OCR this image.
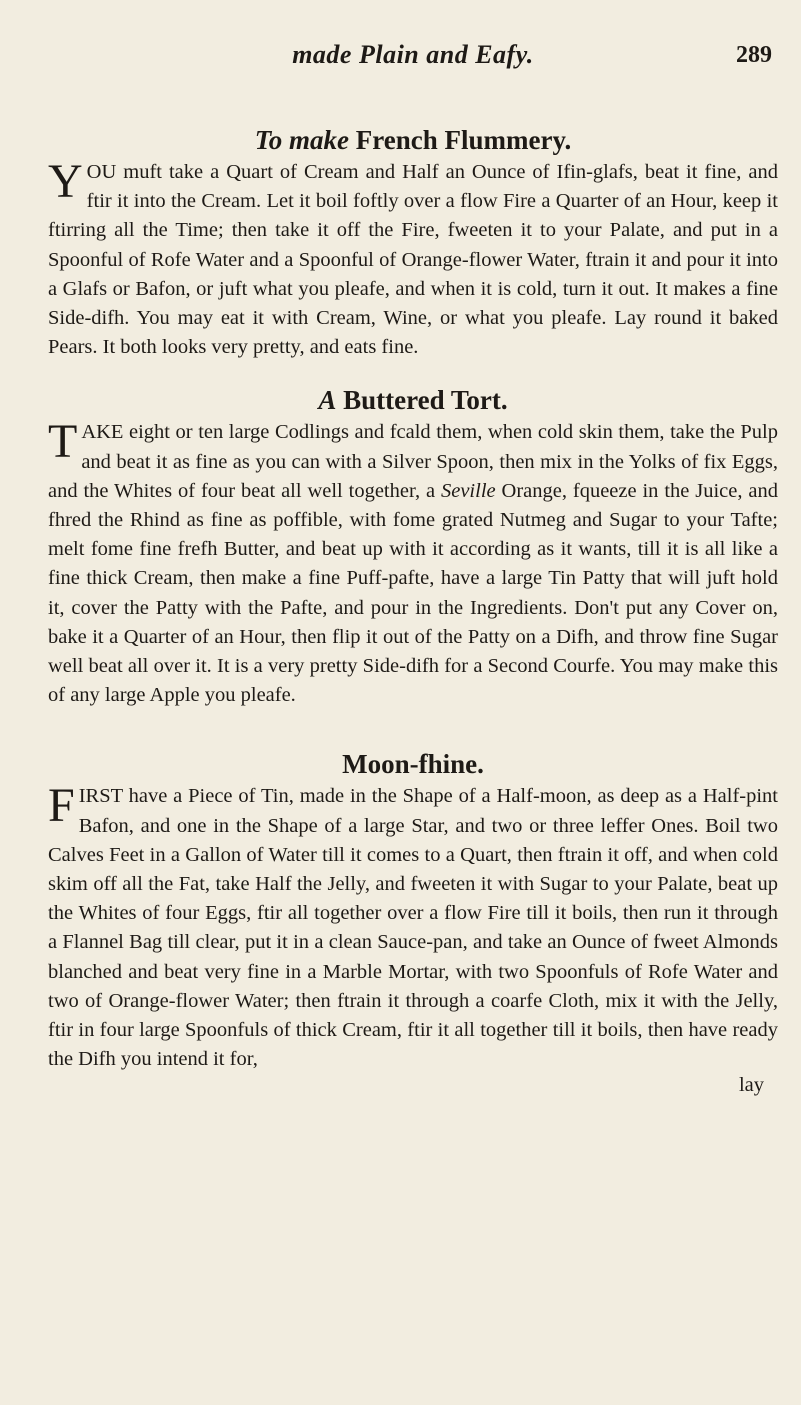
made Plain and Eafy.	289
To make French Flummery.

YOU muft take a Quart of Cream and Half an Ounce of Ifin-glafs, beat it fine, and ftir it into the Cream. Let it boil foftly over a flow Fire a Quarter of an Hour, keep it ftirring all the Time; then take it off the Fire, fweeten it to your Palate, and put in a Spoonful of Rofe Water and a Spoonful of Orange-flower Water, ftrain it and pour it into a Glafs or Bafon, or juft what you pleafe, and when it is cold, turn it out. It makes a fine Side-difh. You may eat it with Cream, Wine, or what you pleafe. Lay round it baked Pears. It both looks very pretty, and eats fine.

A Buttered Tort.

TAKE eight or ten large Codlings and fcald them, when cold skin them, take the Pulp and beat it as fine as you can with a Silver Spoon, then mix in the Yolks of fix Eggs, and the Whites of four beat all well together, a Seville Orange, fqueeze in the Juice, and fhred the Rhind as fine as poffible, with fome grated Nutmeg and Sugar to your Tafte; melt fome fine frefh Butter, and beat up with it according as it wants, till it is all like a fine thick Cream, then make a fine Puff-pafte, have a large Tin Patty that will juft hold it, cover the Patty with the Pafte, and pour in the Ingredients. Don't put any Cover on, bake it a Quarter of an Hour, then flip it out of the Patty on a Difh, and throw fine Sugar well beat all over it. It is a very pretty Side-difh for a Second Courfe. You may make this of any large Apple you pleafe.

Moon-fhine.

FIRST have a Piece of Tin, made in the Shape of a Half-moon, as deep as a Half-pint Bafon, and one in the Shape of a large Star, and two or three leffer Ones. Boil two Calves Feet in a Gallon of Water till it comes to a Quart, then ftrain it off, and when cold skim off all the Fat, take Half the Jelly, and fweeten it with Sugar to your Palate, beat up the Whites of four Eggs, ftir all together over a flow Fire till it boils, then run it through a Flannel Bag till clear, put it in a clean Sauce-pan, and take an Ounce of fweet Almonds blanched and beat very fine in a Marble Mortar, with two Spoonfuls of Rofe Water and two of Orange-flower Water; then ftrain it through a coarfe Cloth, mix it with the Jelly, ftir in four large Spoonfuls of thick Cream, ftir it all together till it boils, then have ready the Difh you intend it for,

lay
